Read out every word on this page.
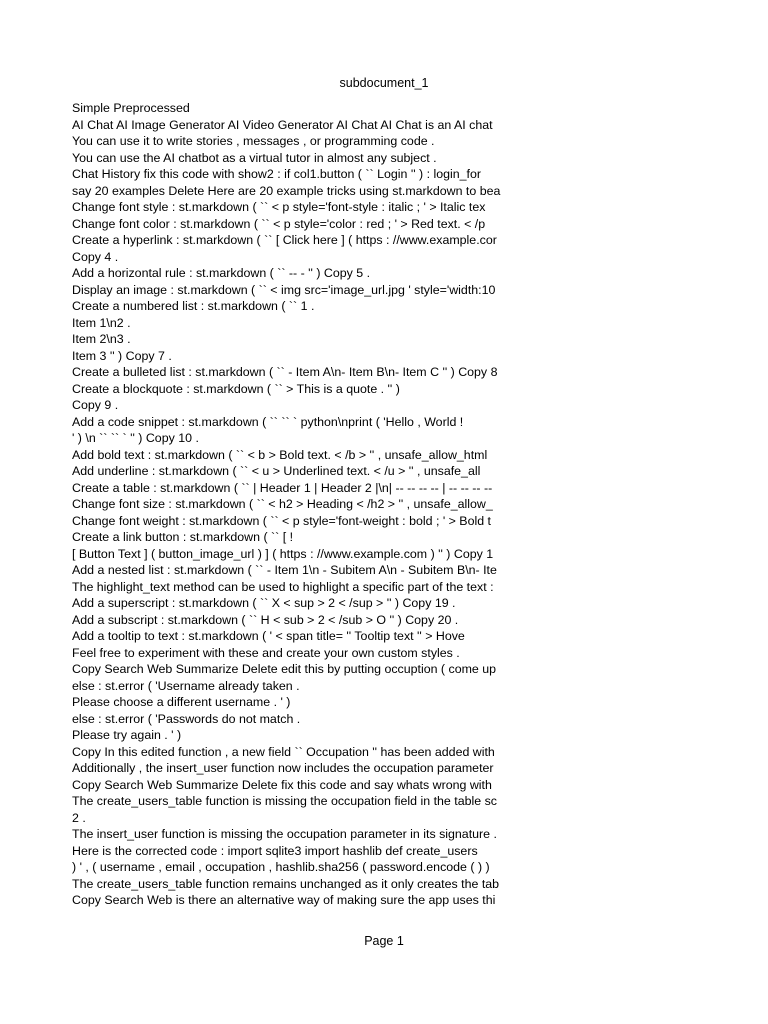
subdocument_1
Simple Preprocessed
AI Chat AI Image Generator AI Video Generator AI Chat AI Chat is an AI chat
You can use it to write stories , messages , or programming code .
You can use the AI chatbot as a virtual tutor in almost any subject .
Chat History fix this code with show2 : if col1.button ( `` Login '' ) : login_for
say 20 examples Delete Here are 20 example tricks using st.markdown to bea
Change font style : st.markdown ( `` < p style='font-style : italic ; ' > Italic tex
Change font color : st.markdown ( `` < p style='color : red ; ' > Red text. < /p
Create a hyperlink : st.markdown ( `` [ Click here ] ( https : //www.example.cor
Copy 4 .
Add a horizontal rule : st.markdown ( `` -- - '' ) Copy 5 .
Display an image : st.markdown ( `` < img src='image_url.jpg ' style='width:10
Create a numbered list : st.markdown ( `` 1 .
Item 1\n2 .
Item 2\n3 .
Item 3 '' ) Copy 7 .
Create a bulleted list : st.markdown ( `` - Item A\n- Item B\n- Item C '' ) Copy 8
Create a blockquote : st.markdown ( `` > This is a quote . '' )
Copy 9 .
Add a code snippet : st.markdown ( `` `` ` python\nprint ( 'Hello , World !
' ) \n `` `` ` '' ) Copy 10 .
Add bold text : st.markdown ( `` < b > Bold text. < /b > '' , unsafe_allow_html
Add underline : st.markdown ( `` < u > Underlined text. < /u > '' , unsafe_all
Create a table : st.markdown ( `` | Header 1 | Header 2 |\n| -- -- -- -- | -- -- -- --
Change font size : st.markdown ( `` < h2 > Heading < /h2 > '' , unsafe_allow_
Change font weight : st.markdown ( `` < p style='font-weight : bold ; ' > Bold t
Create a link button : st.markdown ( `` [ !
[ Button Text ] ( button_image_url ) ] ( https : //www.example.com ) '' ) Copy 1
Add a nested list : st.markdown ( `` - Item 1\n - Subitem A\n - Subitem B\n- Ite
The highlight_text method can be used to highlight a specific part of the text :
Add a superscript : st.markdown ( `` X < sup > 2 < /sup > '' ) Copy 19 .
Add a subscript : st.markdown ( `` H < sub > 2 < /sub > O '' ) Copy 20 .
Add a tooltip to text : st.markdown ( ' < span title= '' Tooltip text '' > Hove
Feel free to experiment with these and create your own custom styles .
Copy Search Web Summarize Delete edit this by putting occuption ( come up
else : st.error ( 'Username already taken .
Please choose a different username . ' )
else : st.error ( 'Passwords do not match .
Please try again . ' )
Copy In this edited function , a new field `` Occupation '' has been added with
Additionally , the insert_user function now includes the occupation parameter
Copy Search Web Summarize Delete fix this code and say whats wrong with
The create_users_table function is missing the occupation field in the table sc
2 .
The insert_user function is missing the occupation parameter in its signature .
Here is the corrected code : import sqlite3 import hashlib def create_users
) ' , ( username , email , occupation , hashlib.sha256 ( password.encode ( ) )
The create_users_table function remains unchanged as it only creates the tab
Copy Search Web is there an alternative way of making sure the app uses thi
Page 1
